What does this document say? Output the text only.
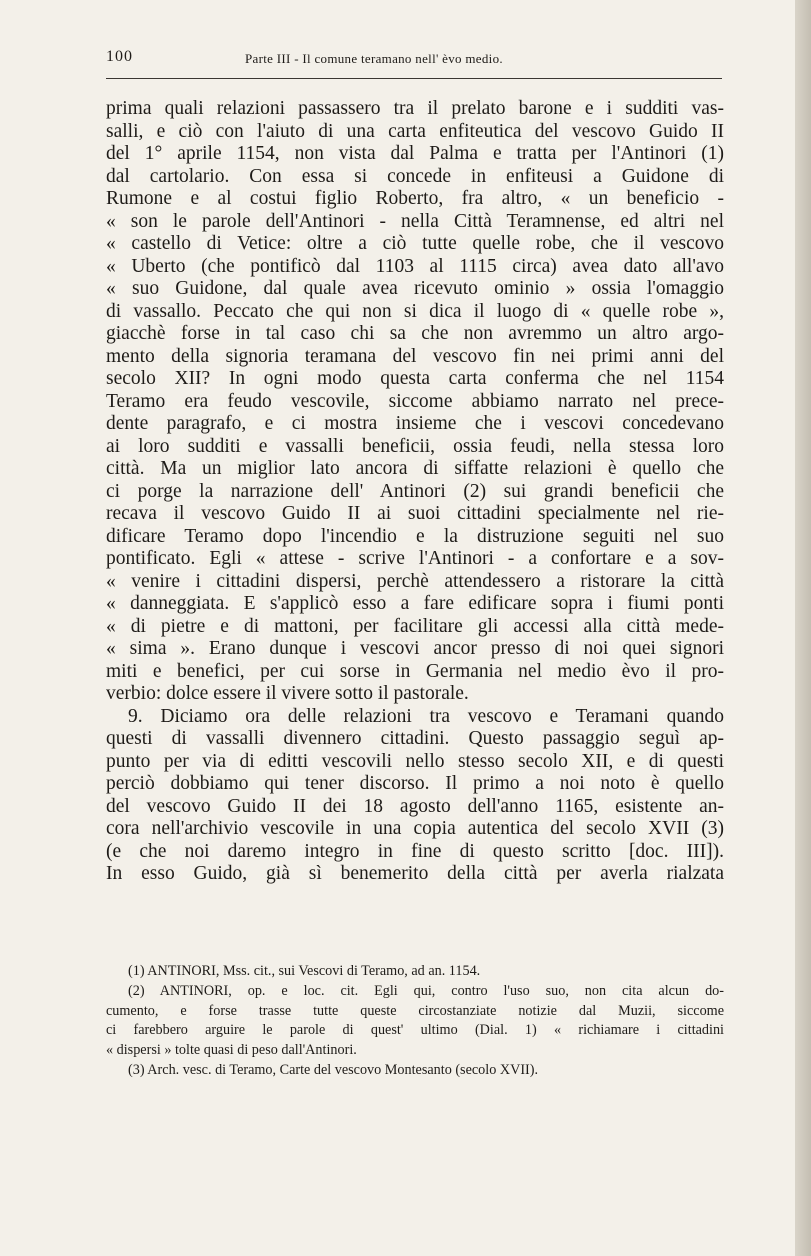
100	Parte III - Il comune teramano nell' èvo medio.
prima quali relazioni passassero tra il prelato barone e i sudditi vas-
salli, e ciò con l'aiuto di una carta enfiteutica del vescovo Guido II
del 1° aprile 1154, non vista dal Palma e tratta per l'Antinori (1)
dal cartolario. Con essa si concede in enfiteusi a Guidone di
Rumone e al costui figlio Roberto, fra altro, « un beneficio -
« son le parole dell'Antinori - nella Città Teramnense, ed altri nel
« castello di Vetice: oltre a ciò tutte quelle robe, che il vescovo
« Uberto (che pontificò dal 1103 al 1115 circa) avea dato all'avo
« suo Guidone, dal quale avea ricevuto ominio » ossia l'omaggio
di vassallo. Peccato che qui non si dica il luogo di « quelle robe »,
giacchè forse in tal caso chi sa che non avremmo un altro argo-
mento della signoria teramana del vescovo fin nei primi anni del
secolo XII? In ogni modo questa carta conferma che nel 1154
Teramo era feudo vescovile, siccome abbiamo narrato nel prece-
dente paragrafo, e ci mostra insieme che i vescovi concedevano
ai loro sudditi e vassalli beneficii, ossia feudi, nella stessa loro
città. Ma un miglior lato ancora di siffatte relazioni è quello che
ci porge la narrazione dell' Antinori (2) sui grandi beneficii che
recava il vescovo Guido II ai suoi cittadini specialmente nel rie-
dificare Teramo dopo l'incendio e la distruzione seguiti nel suo
pontificato. Egli « attese - scrive l'Antinori - a confortare e a sov-
« venire i cittadini dispersi, perchè attendessero a ristorare la città
« danneggiata. E s'applicò esso a fare edificare sopra i fiumi ponti
« di pietre e di mattoni, per facilitare gli accessi alla città mede-
« sima ». Erano dunque i vescovi ancor presso di noi quei signori
miti e benefici, per cui sorse in Germania nel medio èvo il pro-
verbio: dolce essere il vivere sotto il pastorale.
9. Diciamo ora delle relazioni tra vescovo e Teramani quando
questi di vassalli divennero cittadini. Questo passaggio seguì ap-
punto per via di editti vescovili nello stesso secolo XII, e di questi
perciò dobbiamo qui tener discorso. Il primo a noi noto è quello
del vescovo Guido II dei 18 agosto dell'anno 1165, esistente an-
cora nell'archivio vescovile in una copia autentica del secolo XVII (3)
(e che noi daremo integro in fine di questo scritto [doc. III]).
In esso Guido, già sì benemerito della città per averla rialzata
(1) ANTINORI, Mss. cit., sui Vescovi di Teramo, ad an. 1154.
(2) ANTINORI, op. e loc. cit. Egli qui, contro l'uso suo, non cita alcun do-
cumento, e forse trasse tutte queste circostanziate notizie dal Muzii, siccome
ci farebbero arguire le parole di quest' ultimo (Dial. 1) « richiamare i cittadini
« dispersi » tolte quasi di peso dall'Antinori.
(3) Arch. vesc. di Teramo, Carte del vescovo Montesanto (secolo XVII).
